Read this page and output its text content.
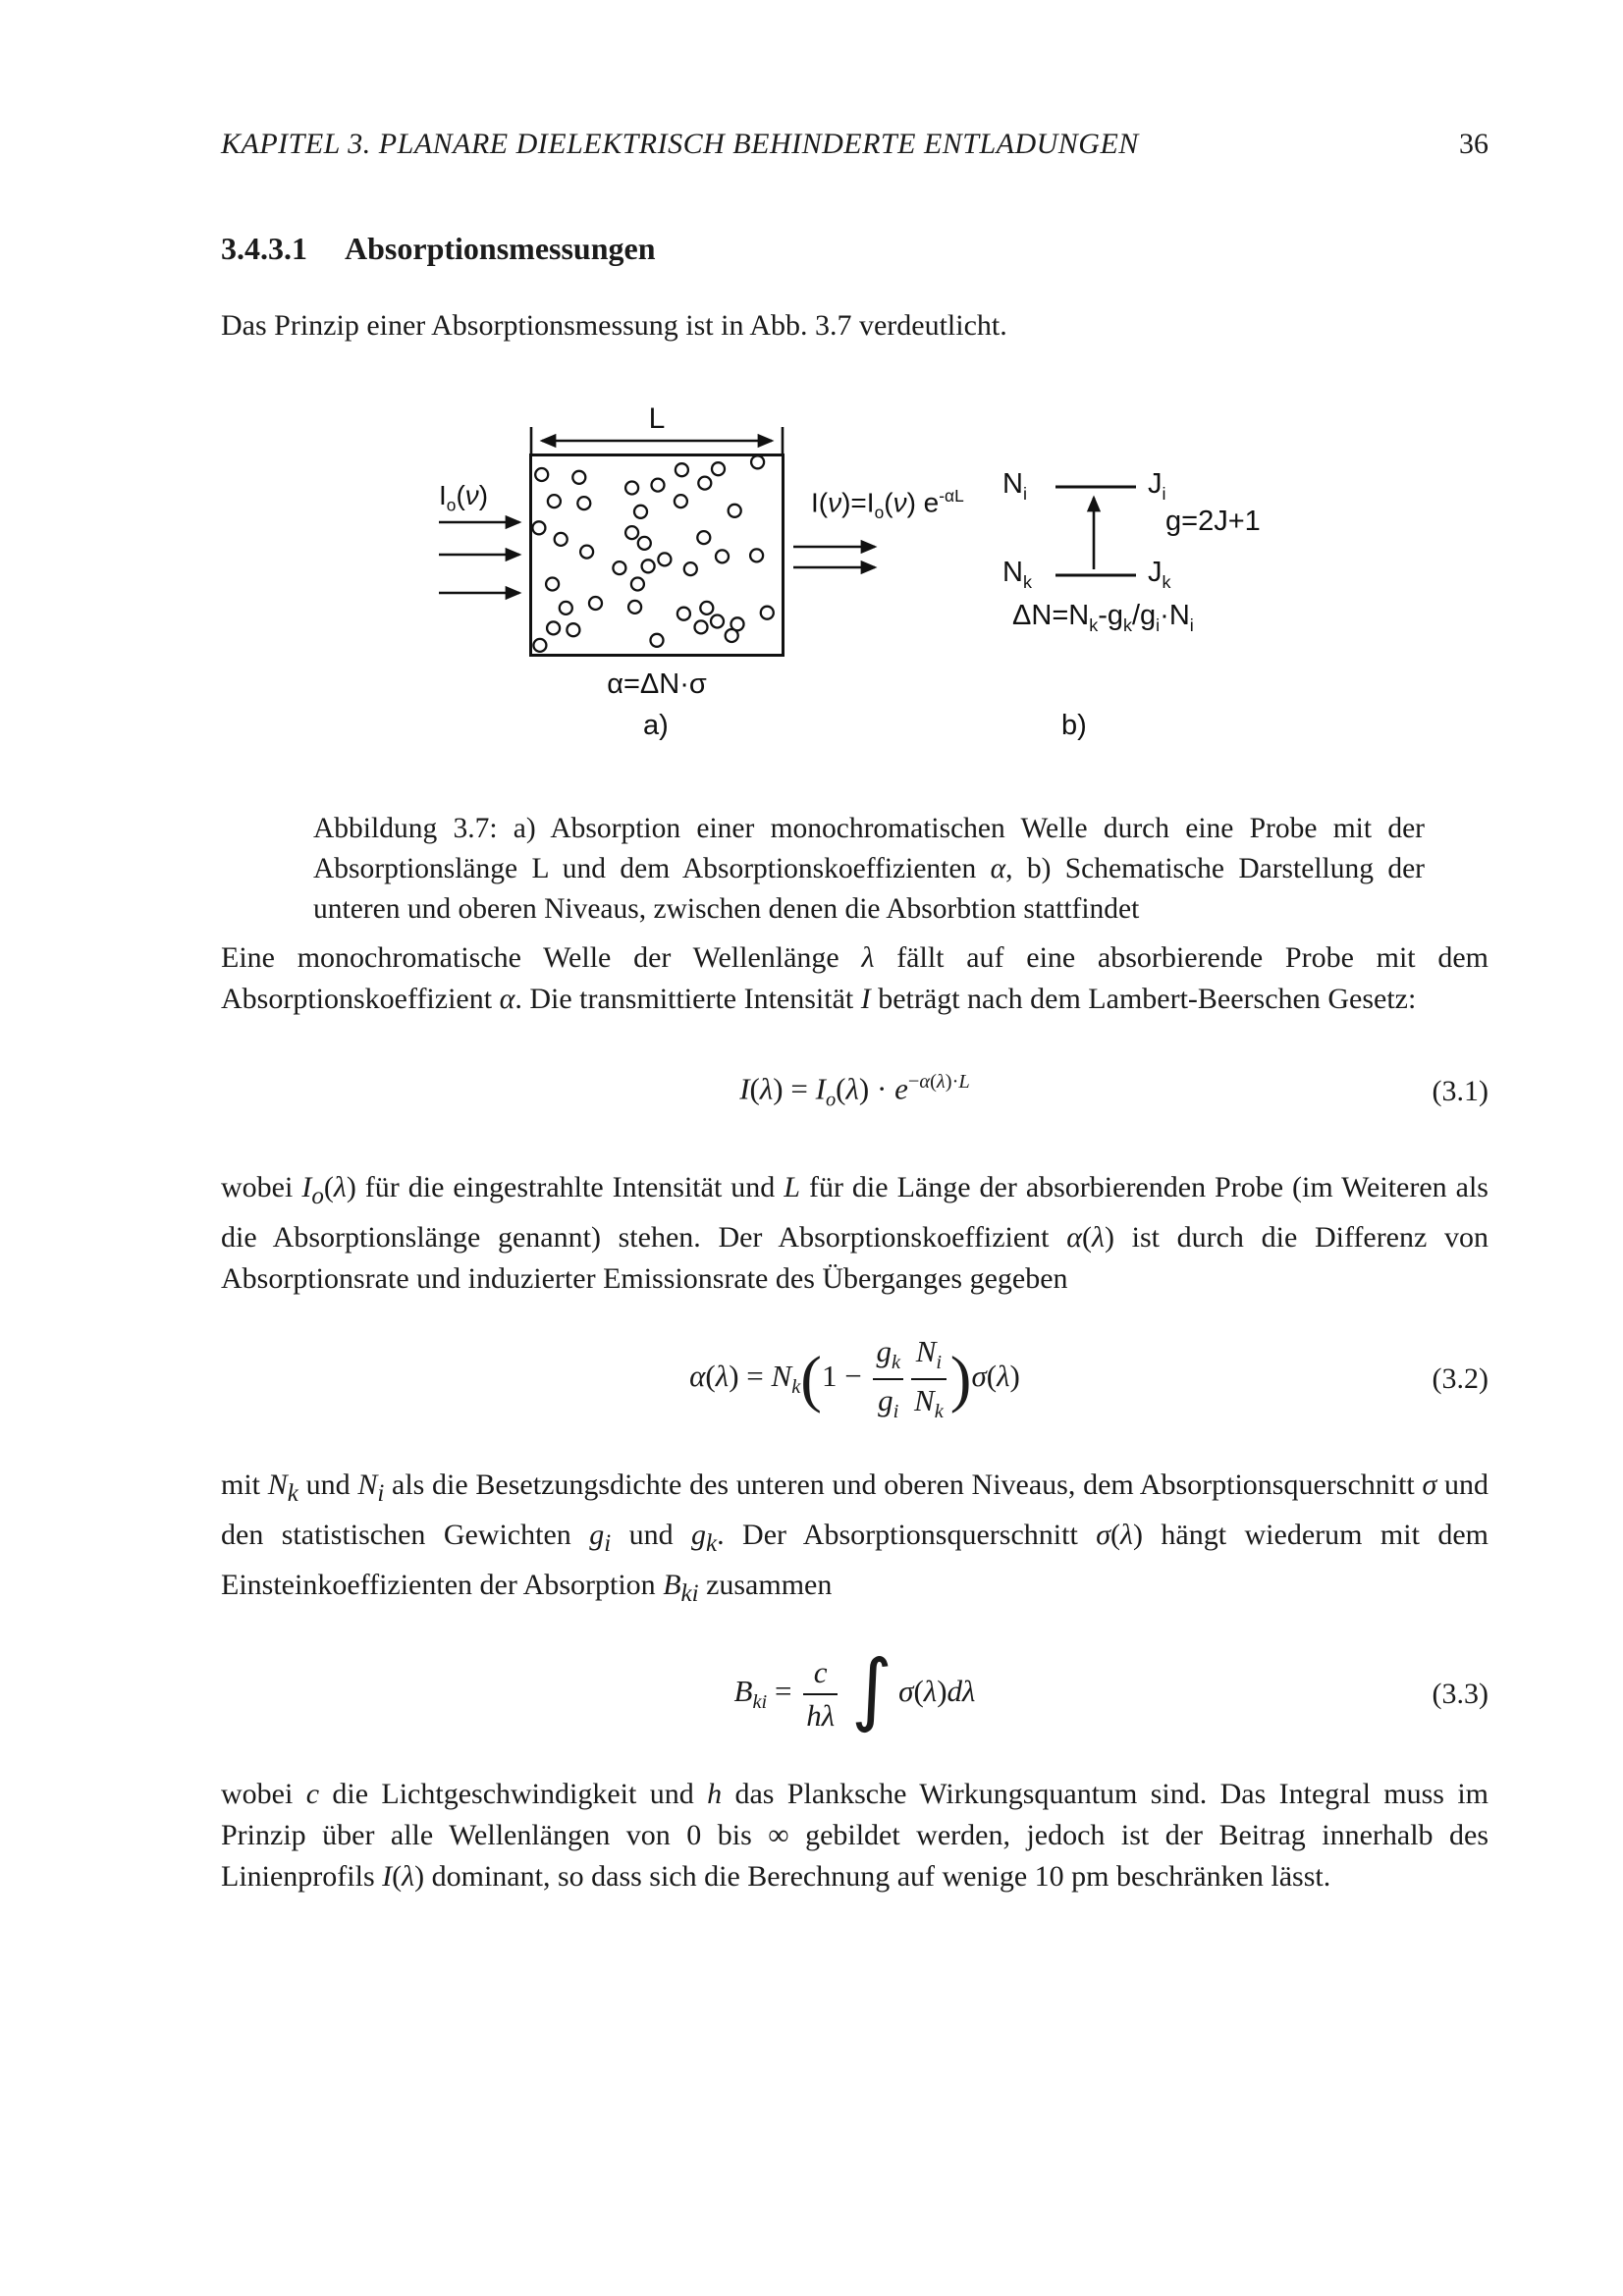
KAPITEL 3. PLANARE DIELEKTRISCH BEHINDERTE ENTLADUNGEN	36
3.4.3.1 Absorptionsmessungen

Das Prinzip einer Absorptionsmessung ist in Abb. 3.7 verdeutlicht.

L
$I_o(\nu)$	$I(\nu)=I_o(\nu)$ $e^{-\alpha L}$
α=ΔN·σ
a)
$N_i$	$J_i$
$N_k$	$J_k$
g=2J+1
$\Delta N=N_k-g_k/g_i\cdot N_i$
b)

Abbildung 3.7: a) Absorption einer monochromatischen Welle durch eine Probe mit der Absorptionslänge L und dem Absorptionskoeffizienten α, b) Schematische Darstellung der unteren und oberen Niveaus, zwischen denen die Absorbtion stattfindet

Eine monochromatische Welle der Wellenlänge λ fällt auf eine absorbierende Probe mit dem Absorptionskoeffizient α. Die transmittierte Intensität I beträgt nach dem Lambert-Beerschen Gesetz:

$I(\lambda) = I_o(\lambda) \cdot e^{-\alpha(\lambda)\cdot L}$	(3.1)

wobei $I_o(\lambda)$ für die eingestrahlte Intensität und L für die Länge der absorbierenden Probe (im Weiteren als die Absorptionslänge genannt) stehen. Der Absorptionskoeffizient α(λ) ist durch die Differenz von Absorptionsrate und induzierter Emissionsrate des Überganges gegeben

$\alpha(\lambda) = N_k(1 - \frac{g_k}{g_i} \frac{N_i}{N_k} )\sigma(\lambda)$	(3.2)

mit $N_k$ und $N_i$ als die Besetzungsdichte des unteren und oberen Niveaus, dem Absorptionsquerschnitt σ und den statistischen Gewichten $g_i$ und $g_k$. Der Absorptionsquerschnitt σ(λ) hängt wiederum mit dem Einsteinkoeffizienten der Absorption $B_{ki}$ zusammen

$B_{ki} = \frac{c}{h\lambda}$ ∫ σ(λ)dλ	(3.3)

wobei c die Lichtgeschwindigkeit und h das Planksche Wirkungsquantum sind. Das Integral muss im Prinzip über alle Wellenlängen von 0 bis ∞ gebildet werden, jedoch ist der Beitrag innerhalb des Linienprofils I(λ) dominant, so dass sich die Berechnung auf wenige 10 pm beschränken lässt.
